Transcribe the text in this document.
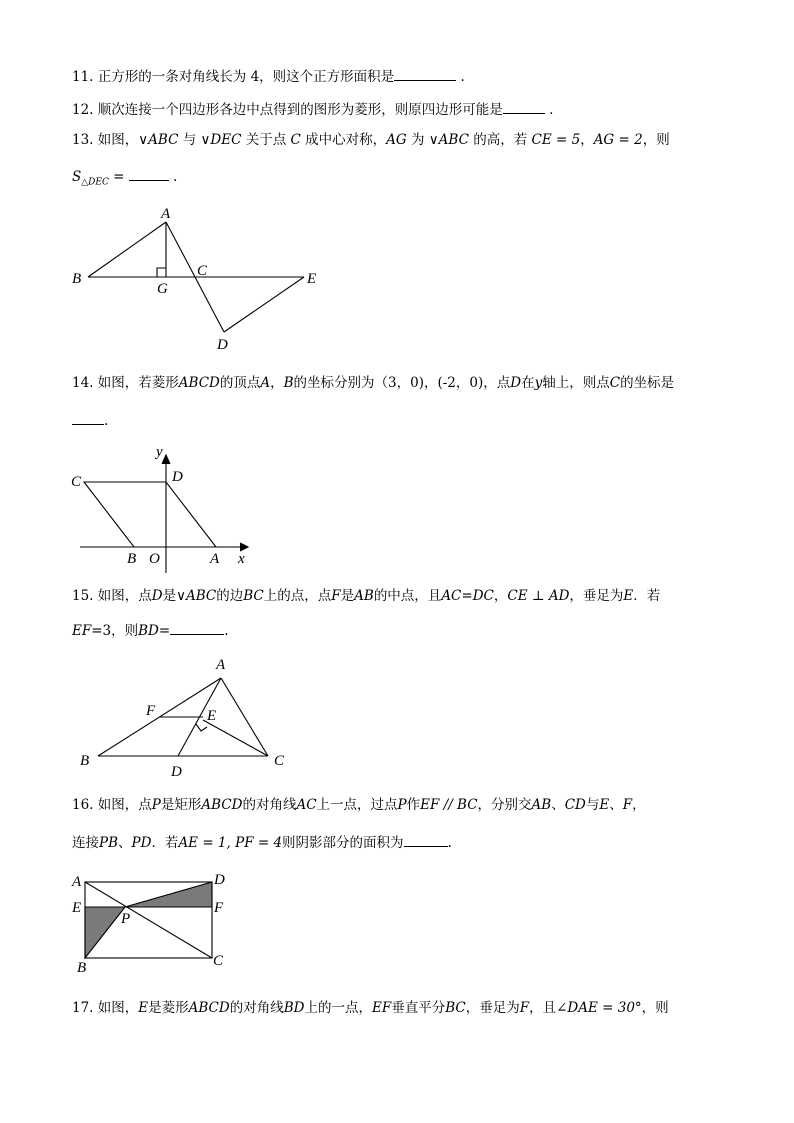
11. 正方形的一条对角线长为 4，则这个正方形面积是	.
12. 顺次连接一个四边形各边中点得到的图形为菱形，则原四边形可能是	.
13. 如图，∨ABC 与 ∨DEC 关于点 C 成中心对称，AG 为 ∨ABC 的高，若 CE = 5，AG = 2，则
$S_{\triangle DEC}$ =	.
A
B	C	E
G
D
14. 如图，若菱形ABCD的顶点A，B的坐标分别为（3，0)，(-2，0)，点D在y轴上，则点C的坐标是
.
C	D
B O	A x
y
15. 如图，点D是∨ABC的边BC上的点，点F是AB的中点，且AC=DC，CE ⊥ AD，垂足为E．若
EF=3，则BD=	.
A
B	C
D
E
F
16. 如图，点P是矩形ABCD的对角线AC上一点，过点P作EF // BC，分别交AB、CD与E、F，
连接PB、PD．若AE = 1, PF = 4则阴影部分的面积为	.
A	D
E	F
P
B	C
17. 如图，E是菱形ABCD的对角线BD上的一点，EF垂直平分BC，垂足为F，且∠DAE = 30°，则
